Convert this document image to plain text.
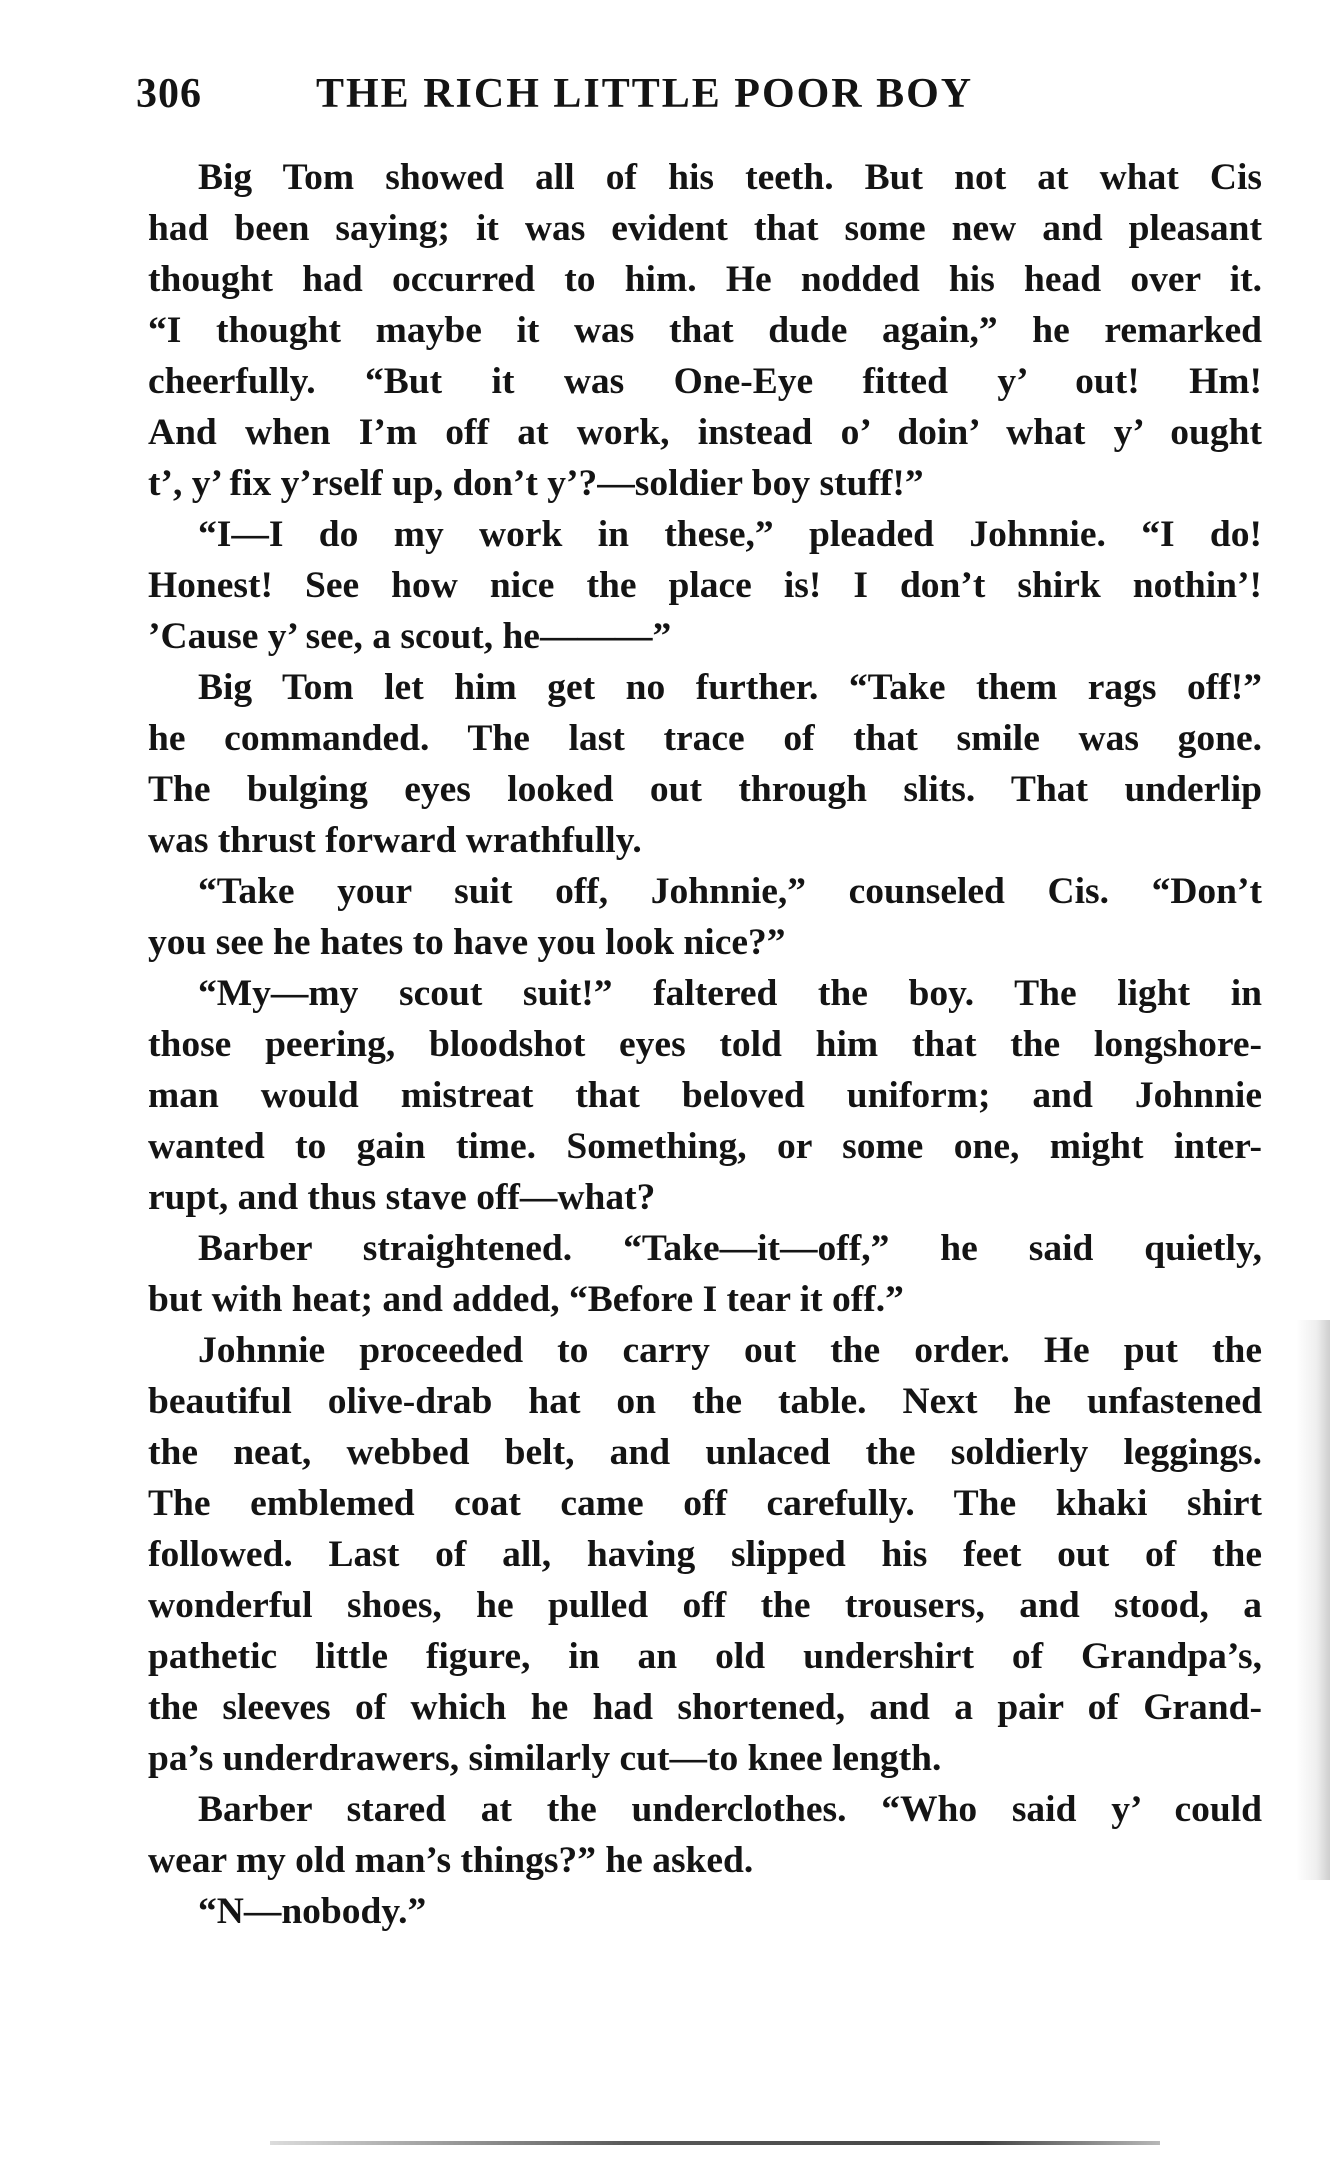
306	THE RICH LITTLE POOR BOY
Big Tom showed all of his teeth. But not at what Cis
had been saying; it was evident that some new and pleasant
thought had occurred to him. He nodded his head over it.
“I thought maybe it was that dude again,” he remarked
cheerfully. “But it was One-Eye fitted y’ out! Hm!
And when I’m off at work, instead o’ doin’ what y’ ought
t’, y’ fix y’rself up, don’t y’?—soldier boy stuff!”
“I—I do my work in these,” pleaded Johnnie. “I do!
Honest! See how nice the place is! I don’t shirk nothin’!
’Cause y’ see, a scout, he———”
Big Tom let him get no further. “Take them rags off!”
he commanded. The last trace of that smile was gone.
The bulging eyes looked out through slits. That underlip
was thrust forward wrathfully.
“Take your suit off, Johnnie,” counseled Cis. “Don’t
you see he hates to have you look nice?”
“My—my scout suit!” faltered the boy. The light in
those peering, bloodshot eyes told him that the longshore-
man would mistreat that beloved uniform; and Johnnie
wanted to gain time. Something, or some one, might inter-
rupt, and thus stave off—what?
Barber straightened. “Take—it—off,” he said quietly,
but with heat; and added, “Before I tear it off.”
Johnnie proceeded to carry out the order. He put the
beautiful olive-drab hat on the table. Next he unfastened
the neat, webbed belt, and unlaced the soldierly leggings.
The emblemed coat came off carefully. The khaki shirt
followed. Last of all, having slipped his feet out of the
wonderful shoes, he pulled off the trousers, and stood, a
pathetic little figure, in an old undershirt of Grandpa’s,
the sleeves of which he had shortened, and a pair of Grand-
pa’s underdrawers, similarly cut—to knee length.
Barber stared at the underclothes. “Who said y’ could
wear my old man’s things?” he asked.
“N—nobody.”
